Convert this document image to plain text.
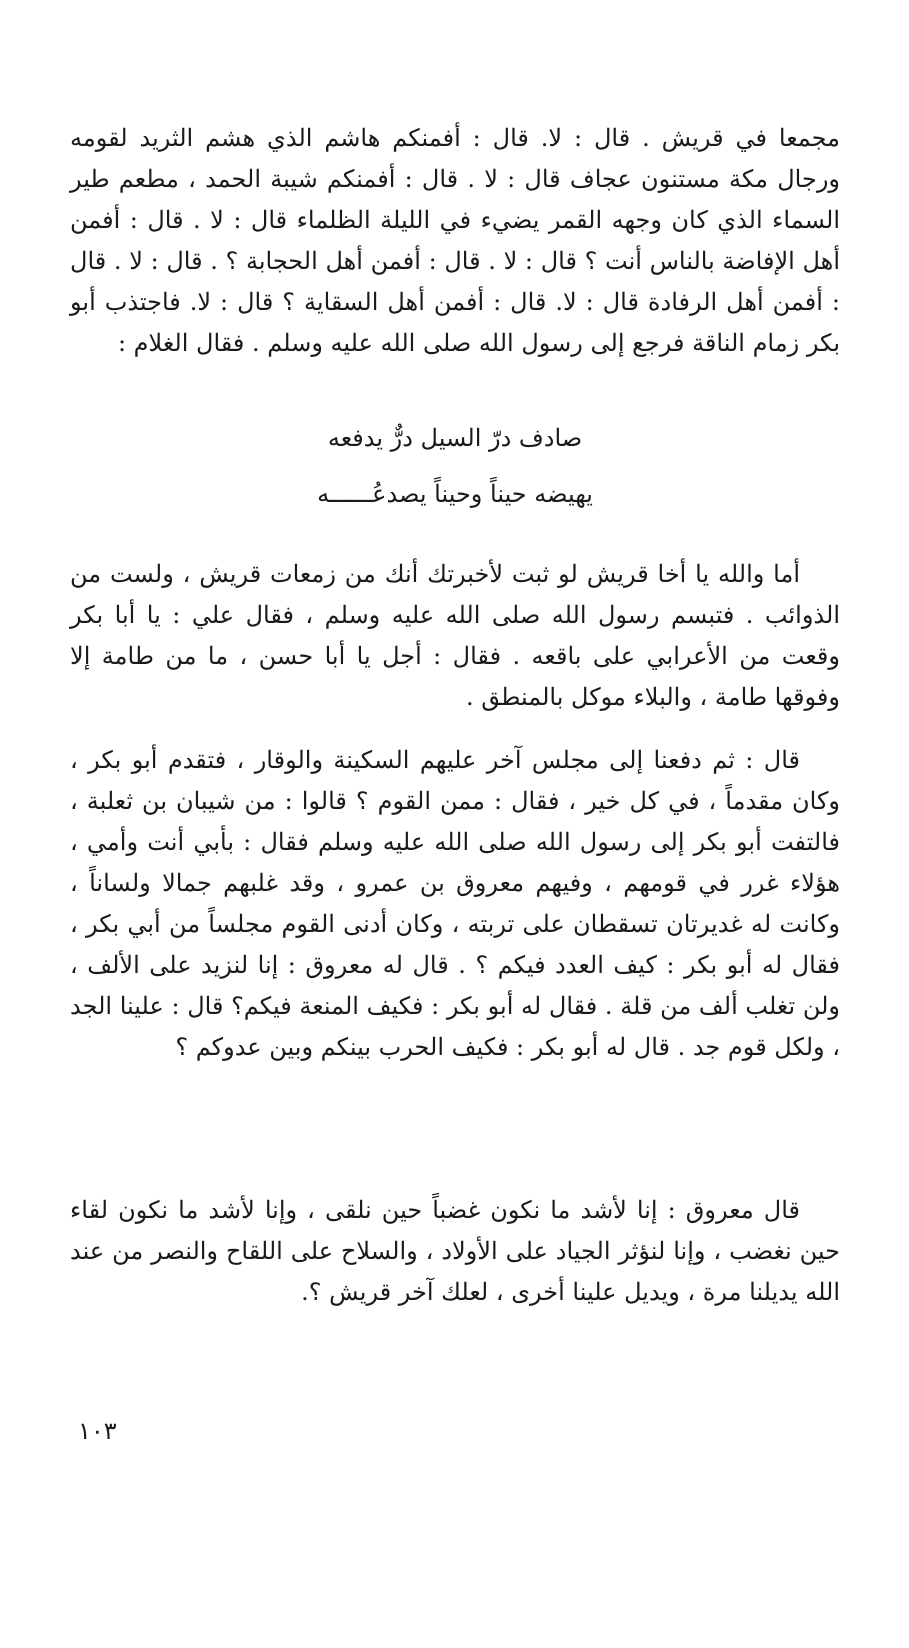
مجمعا في قريش . قال : لا. قال : أفمنكم هاشم الذي هشم الثريد لقومه ورجال مكة مستنون عجاف قال : لا . قال : أفمنكم شيبة الحمد ، مطعم طير السماء الذي كان وجهه القمر يضيء في الليلة الظلماء قال : لا . قال : أفمن أهل الإفاضة بالناس أنت ؟ قال : لا . قال : أفمن أهل الحجابة ؟ . قال : لا . قال : أفمن أهل الرفادة قال : لا. قال : أفمن أهل السقاية ؟ قال : لا. فاجتذب أبو بكر زمام الناقة فرجع إلى رسول الله صلى الله عليه وسلم . فقال الغلام :

صادف درّ السيل درٌّ يدفعه
يهيضه حيناً وحيناً يصدعُــــــه

أما والله يا أخا قريش لو ثبت لأخبرتك أنك من زمعات قريش ، ولست من الذوائب . فتبسم رسول الله صلى الله عليه وسلم ، فقال علي : يا أبا بكر وقعت من الأعرابي على باقعه . فقال : أجل يا أبا حسن ، ما من طامة إلا وفوقها طامة ، والبلاء موكل بالمنطق .

قال : ثم دفعنا إلى مجلس آخر عليهم السكينة والوقار ، فتقدم أبو بكر ، وكان مقدماً ، في كل خير ، فقال : ممن القوم ؟ قالوا : من شيبان بن ثعلبة ، فالتفت أبو بكر إلى رسول الله صلى الله عليه وسلم فقال : بأبي أنت وأمي ، هؤلاء غرر في قومهم ، وفيهم معروق بن عمرو ، وقد غلبهم جمالا ولساناً ، وكانت له غديرتان تسقطان على تربته ، وكان أدنى القوم مجلساً من أبي بكر ، فقال له أبو بكر : كيف العدد فيكم ؟ . قال له معروق : إنا لنزيد على الألف ، ولن تغلب ألف من قلة . فقال له أبو بكر : فكيف المنعة فيكم؟ قال : علينا الجد ، ولكل قوم جد . قال له أبو بكر : فكيف الحرب بينكم وبين عدوكم ؟

قال معروق : إنا لأشد ما نكون غضباً حين نلقى ، وإنا لأشد ما نكون لقاء حين نغضب ، وإنا لنؤثر الجياد على الأولاد ، والسلاح على اللقاح والنصر من عند الله يديلنا مرة ، ويديل علينا أخرى ، لعلك آخر قريش ؟.

١٠٣
